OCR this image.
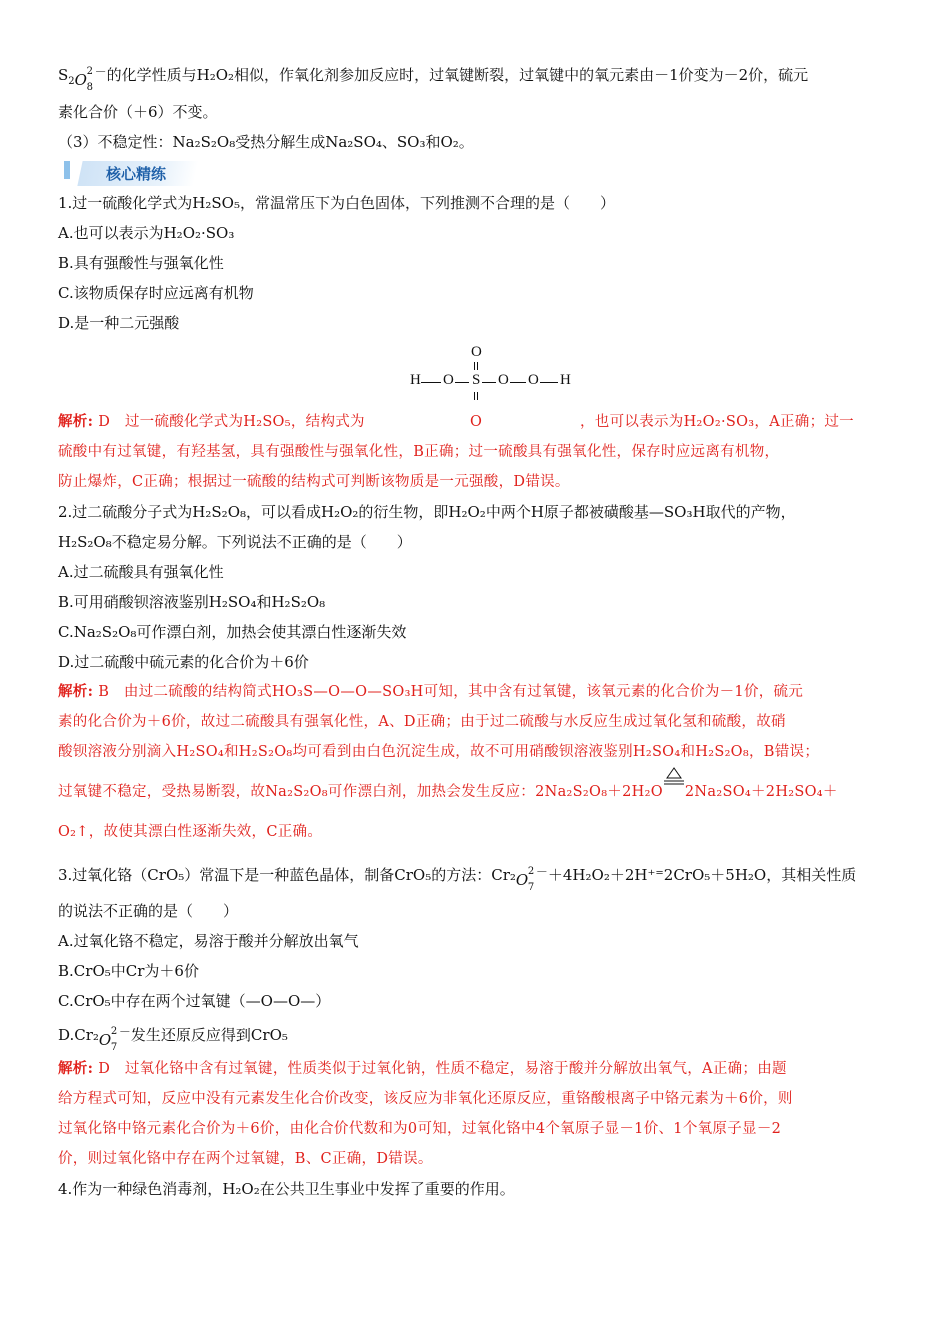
$S_2$ O 2
8
－ 的化学性质与H₂O₂相似，作氧化剂参加反应时，过氧键断裂，过氧键中的氧元素由－1价变为－2价，硫元
素化合价（＋6）不变。
（3）不稳定性：Na₂S₂O₈受热分解生成Na₂SO₄、SO₃和O₂。
核心精练
1.过一硫酸化学式为H₂SO₅，常温常压下为白色固体，下列推测不合理的是（　　）
A.也可以表示为H₂O₂·SO₃
B.具有强酸性与强氧化性
C.该物质保存时应远离有机物
D.是一种二元强酸
O
H O S O O H
解析: D 过一硫酸化学式为H₂SO₅，结构式为	O	，也可以表示为H₂O₂·SO₃，A正确；过一
硫酸中有过氧键，有羟基氢，具有强酸性与强氧化性，B正确；过一硫酸具有强氧化性，保存时应远离有机物，
防止爆炸，C正确；根据过一硫酸的结构式可判断该物质是一元强酸，D错误。
2.过二硫酸分子式为H₂S₂O₈，可以看成H₂O₂的衍生物，即H₂O₂中两个H原子都被磺酸基—SO₃H取代的产物，
H₂S₂O₈不稳定易分解。下列说法不正确的是（　　）
A.过二硫酸具有强氧化性
B.可用硝酸钡溶液鉴别H₂SO₄和H₂S₂O₈
C.Na₂S₂O₈可作漂白剂，加热会使其漂白性逐渐失效
D.过二硫酸中硫元素的化合价为＋6价
解析: B 由过二硫酸的结构简式HO₃S—O—O—SO₃H可知，其中含有过氧键，该氧元素的化合价为－1价，硫元
素的化合价为＋6价，故过二硫酸具有强氧化性，A、D正确；由于过二硫酸与水反应生成过氧化氢和硫酸，故硝
酸钡溶液分别滴入H₂SO₄和H₂S₂O₈均可看到由白色沉淀生成，故不可用硝酸钡溶液鉴别H₂SO₄和H₂S₂O₈，B错误；
过氧键不稳定，受热易断裂，故Na₂S₂O₈可作漂白剂，加热会发生反应：2Na₂S₂O₈＋2H₂O 2Na₂SO₄＋2H₂SO₄＋
O₂↑，故使其漂白性逐渐失效，C正确。
3.过氧化铬（CrO₅）常温下是一种蓝色晶体，制备CrO₅的方法：Cr₂ O 2
7
－ ＋4H₂O₂＋2H⁺=2CrO₅＋5H₂O，其相关性质
的说法不正确的是（　　）
A.过氧化铬不稳定，易溶于酸并分解放出氧气
B.CrO₅中Cr为＋6价
C.CrO₅中存在两个过氧键（—O—O—）
D.Cr₂ O 2
7
－ 发生还原反应得到CrO₅
解析: D 过氧化铬中含有过氧键，性质类似于过氧化钠，性质不稳定，易溶于酸并分解放出氧气，A正确；由题
给方程式可知，反应中没有元素发生化合价改变，该反应为非氧化还原反应，重铬酸根离子中铬元素为＋6价，则
过氧化铬中铬元素化合价为＋6价，由化合价代数和为0可知，过氧化铬中4个氧原子显－1价、1个氧原子显－2
价，则过氧化铬中存在两个过氧键，B、C正确，D错误。
4.作为一种绿色消毒剂，H₂O₂在公共卫生事业中发挥了重要的作用。
